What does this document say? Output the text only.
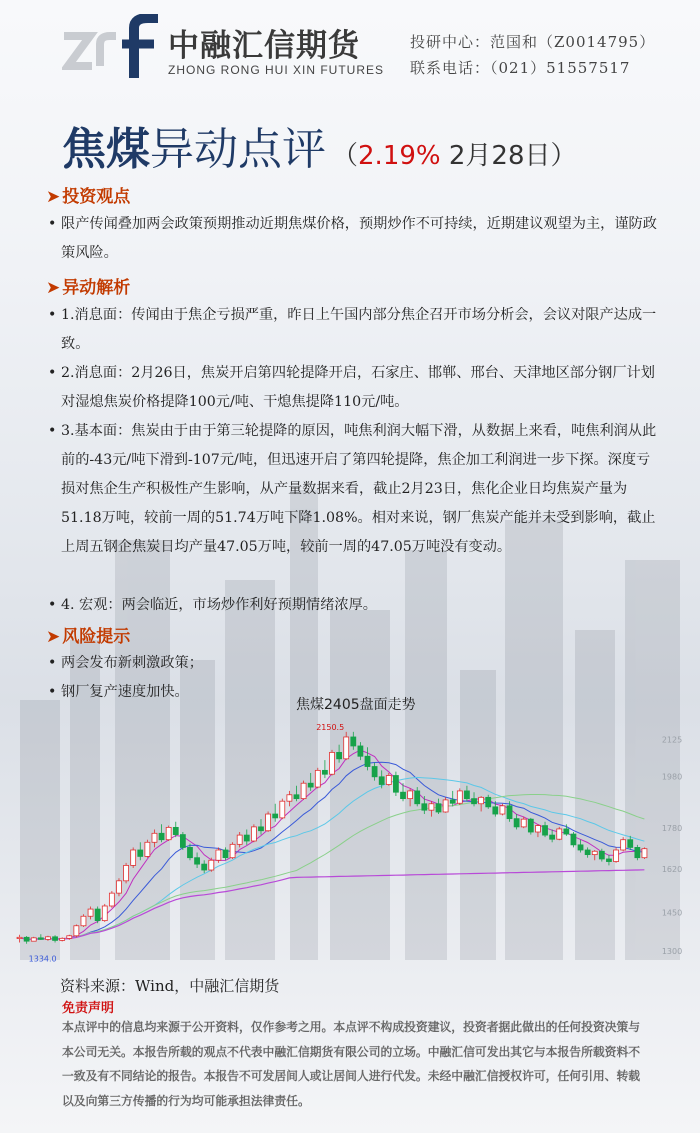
中融汇信期货
ZHONG RONG HUI XIN FUTURES
投研中心：范国和（Z0014795）
联系电话：（021）51557517
焦煤异动点评 （2.19% 2月28日）
➤ 投资观点
• 限产传闻叠加两会政策预期推动近期焦煤价格，预期炒作不可持续，近期建议观望为主，谨防政策风险。
➤ 异动解析
• 1.消息面：传闻由于焦企亏损严重，昨日上午国内部分焦企召开市场分析会，会议对限产达成一致。
• 2.消息面：2月26日，焦炭开启第四轮提降开启，石家庄、邯郸、邢台、天津地区部分钢厂计划对湿熄焦炭价格提降100元/吨、干熄焦提降110元/吨。
• 3.基本面：焦炭由于由于第三轮提降的原因，吨焦利润大幅下滑，从数据上来看，吨焦利润从此前的-43元/吨下滑到-107元/吨，但迅速开启了第四轮提降，焦企加工利润进一步下探。深度亏损对焦企生产积极性产生影响，从产量数据来看，截止2月23日，焦化企业日均焦炭产量为51.18万吨，较前一周的51.74万吨下降1.08%。相对来说，钢厂焦炭产能并未受到影响，截止上周五钢企焦炭日均产量47.05万吨，较前一周的47.05万吨没有变动。
• 4. 宏观：两会临近，市场炒作利好预期情绪浓厚。
➤ 风险提示
• 两会发布新刺激政策；
• 钢厂复产速度加快。
焦煤2405盘面走势
2125
1980
1780
1620
1450
1300
2150.5
1334.0
资料来源：Wind，中融汇信期货
免责声明
本点评中的信息均来源于公开资料，仅作参考之用。本点评不构成投资建议，投资者据此做出的任何投资决策与本公司无关。本报告所载的观点不代表中融汇信期货有限公司的立场。中融汇信可发出其它与本报告所载资料不一致及有不同结论的报告。本报告不可发居间人或让居间人进行代发。未经中融汇信授权许可，任何引用、转载以及向第三方传播的行为均可能承担法律责任。
